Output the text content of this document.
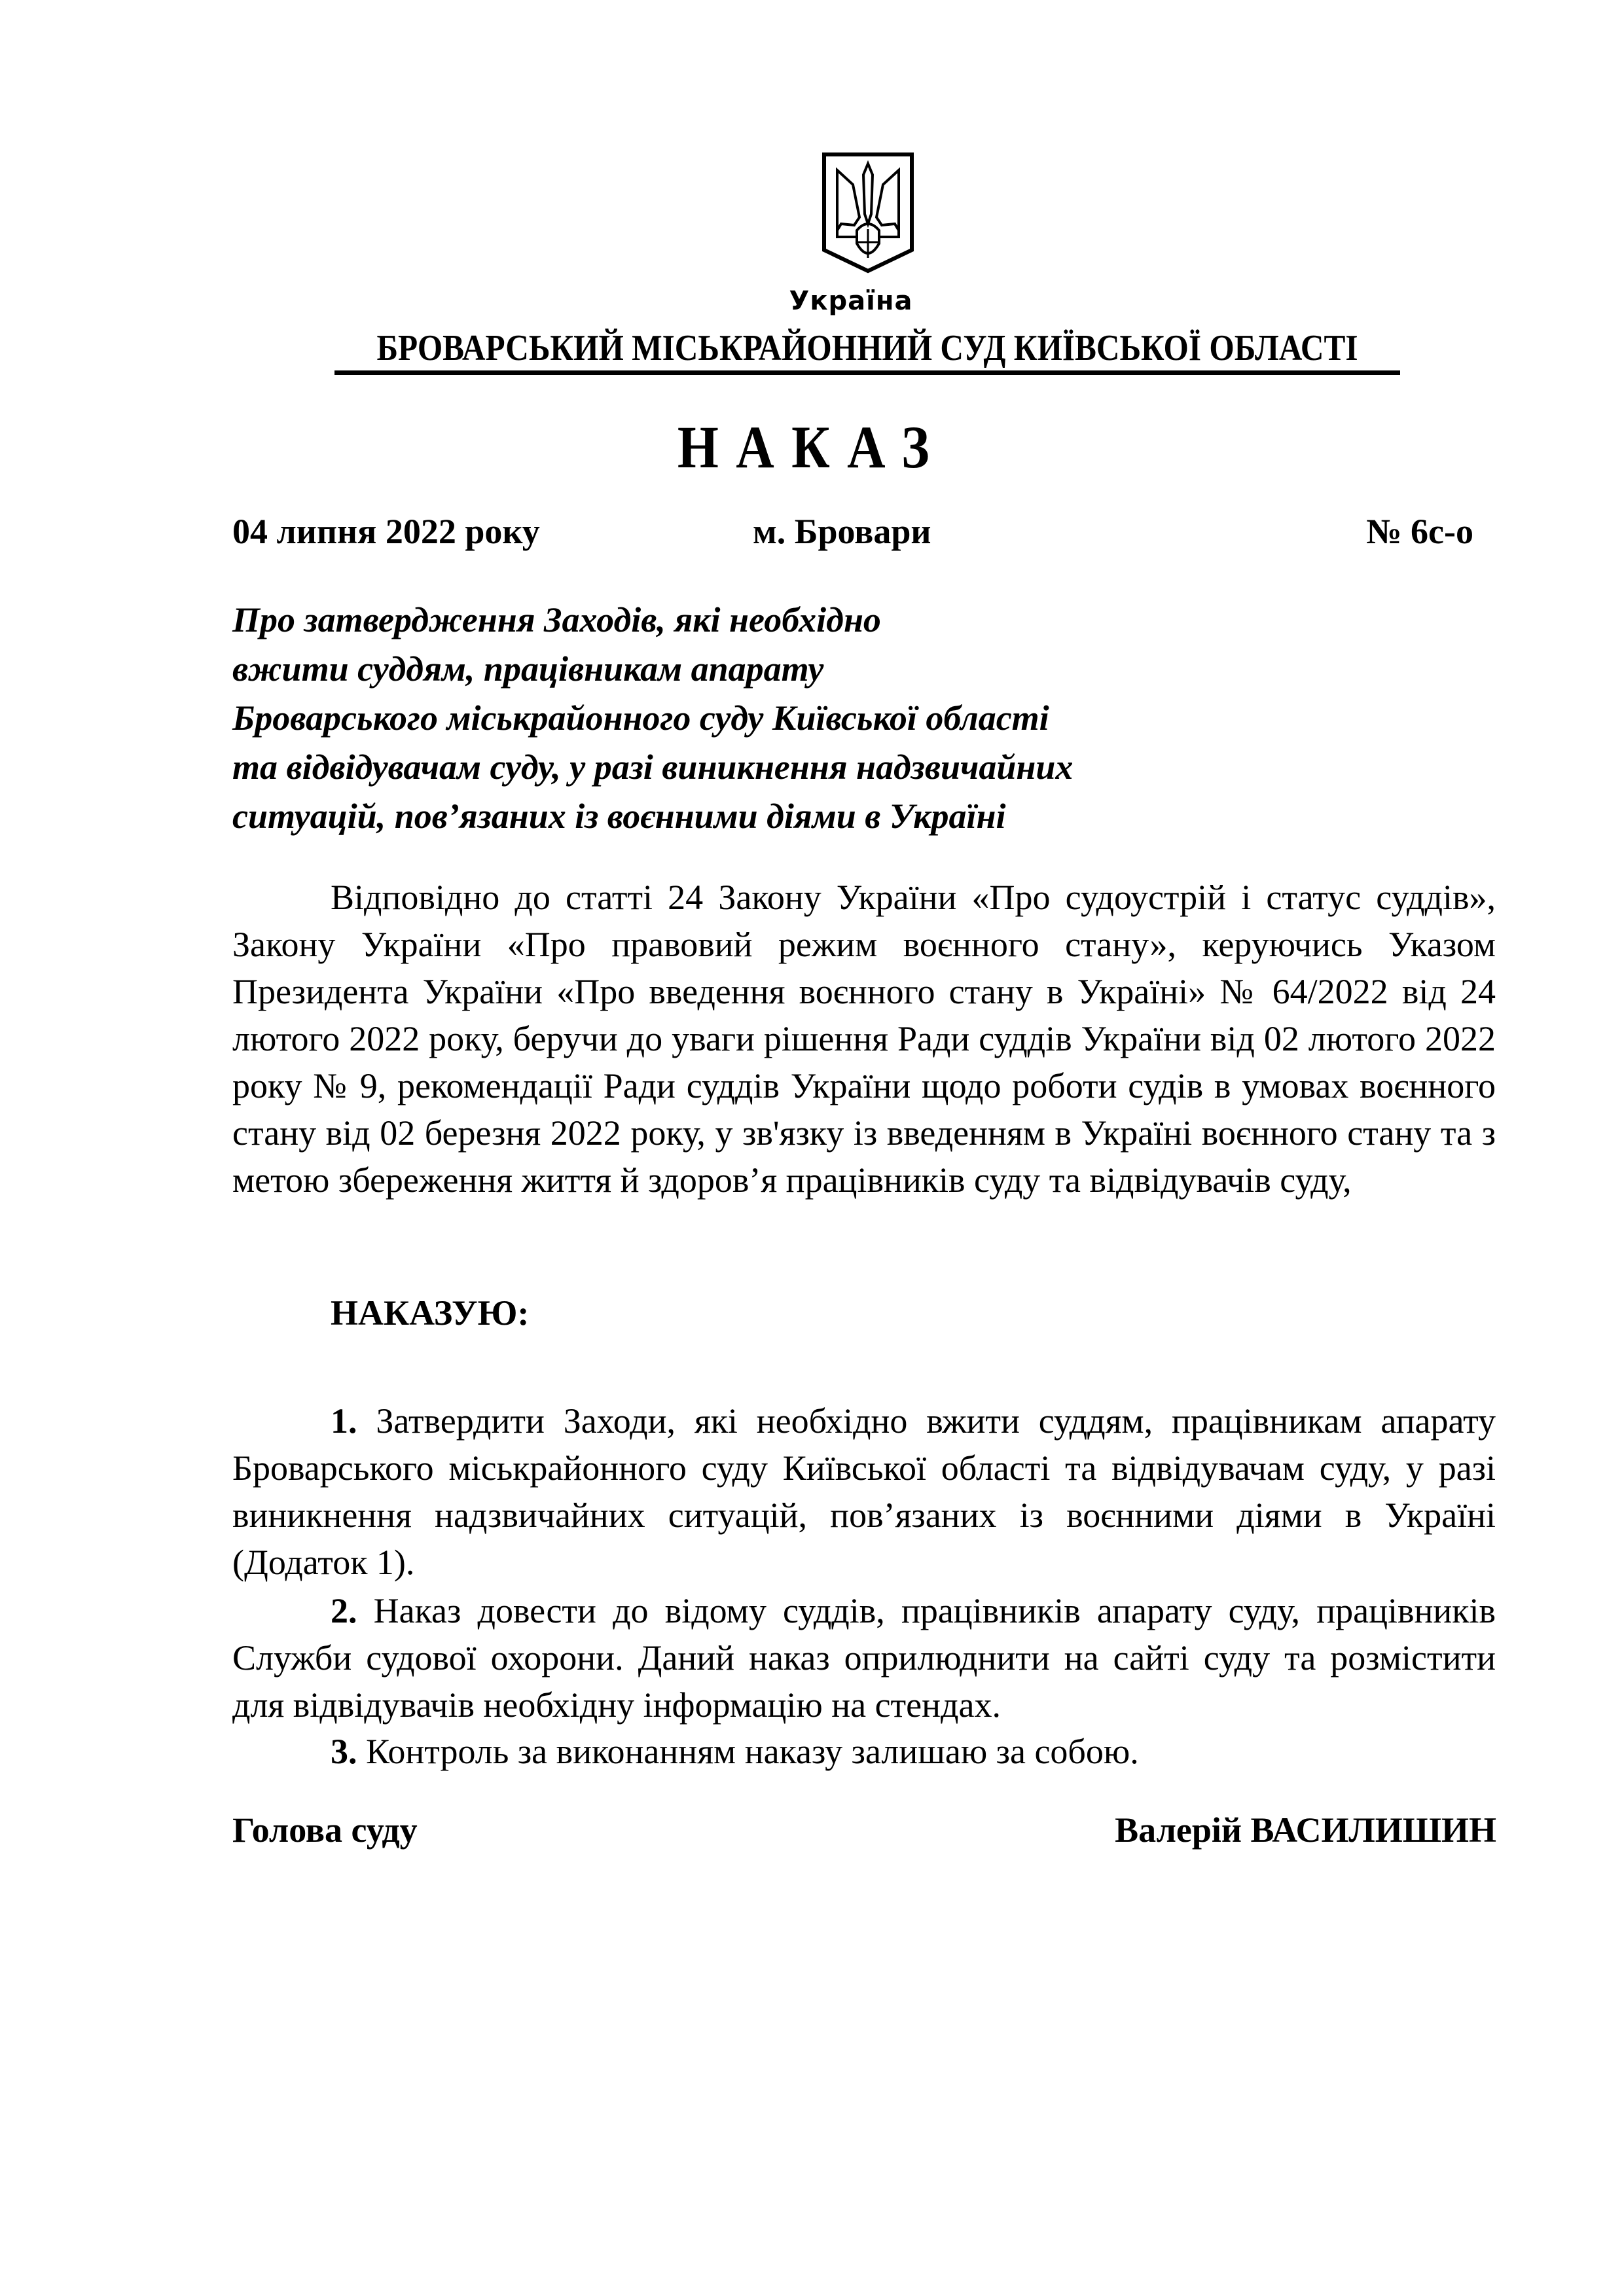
Україна
БРОВАРСЬКИЙ МІСЬКРАЙОННИЙ СУД КИЇВСЬКОЇ ОБЛАСТІ
НАКАЗ
04 липня 2022 року	м. Бровари	№ 6с-о
Про затвердження Заходів, які необхідно
вжити суддям, працівникам апарату
Броварського міськрайонного суду Київської області
та відвідувачам суду, у разі виникнення надзвичайних
ситуацій, пов’язаних із воєнними діями в Україні
Відповідно до статті 24 Закону України «Про судоустрій і статус суддів», Закону України «Про правовий режим воєнного стану», керуючись Указом Президента України «Про введення воєнного стану в Україні» № 64/2022 від 24 лютого 2022 року, беручи до уваги рішення Ради суддів України від 02 лютого 2022 року № 9, рекомендації Ради суддів України щодо роботи судів в умовах воєнного стану від 02 березня 2022 року, у зв'язку із введенням в Україні воєнного стану та з метою збереження життя й здоров’я працівників суду та відвідувачів суду,
НАКАЗУЮ:
1. Затвердити Заходи, які необхідно вжити суддям, працівникам апарату Броварського міськрайонного суду Київської області та відвідувачам суду, у разі виникнення надзвичайних ситуацій, пов’язаних із воєнними діями в Україні (Додаток 1).
2. Наказ довести до відому суддів, працівників апарату суду, працівників Служби судової охорони. Даний наказ оприлюднити на сайті суду та розмістити для відвідувачів необхідну інформацію на стендах.
3. Контроль за виконанням наказу залишаю за собою.
Голова суду	Валерій ВАСИЛИШИН
